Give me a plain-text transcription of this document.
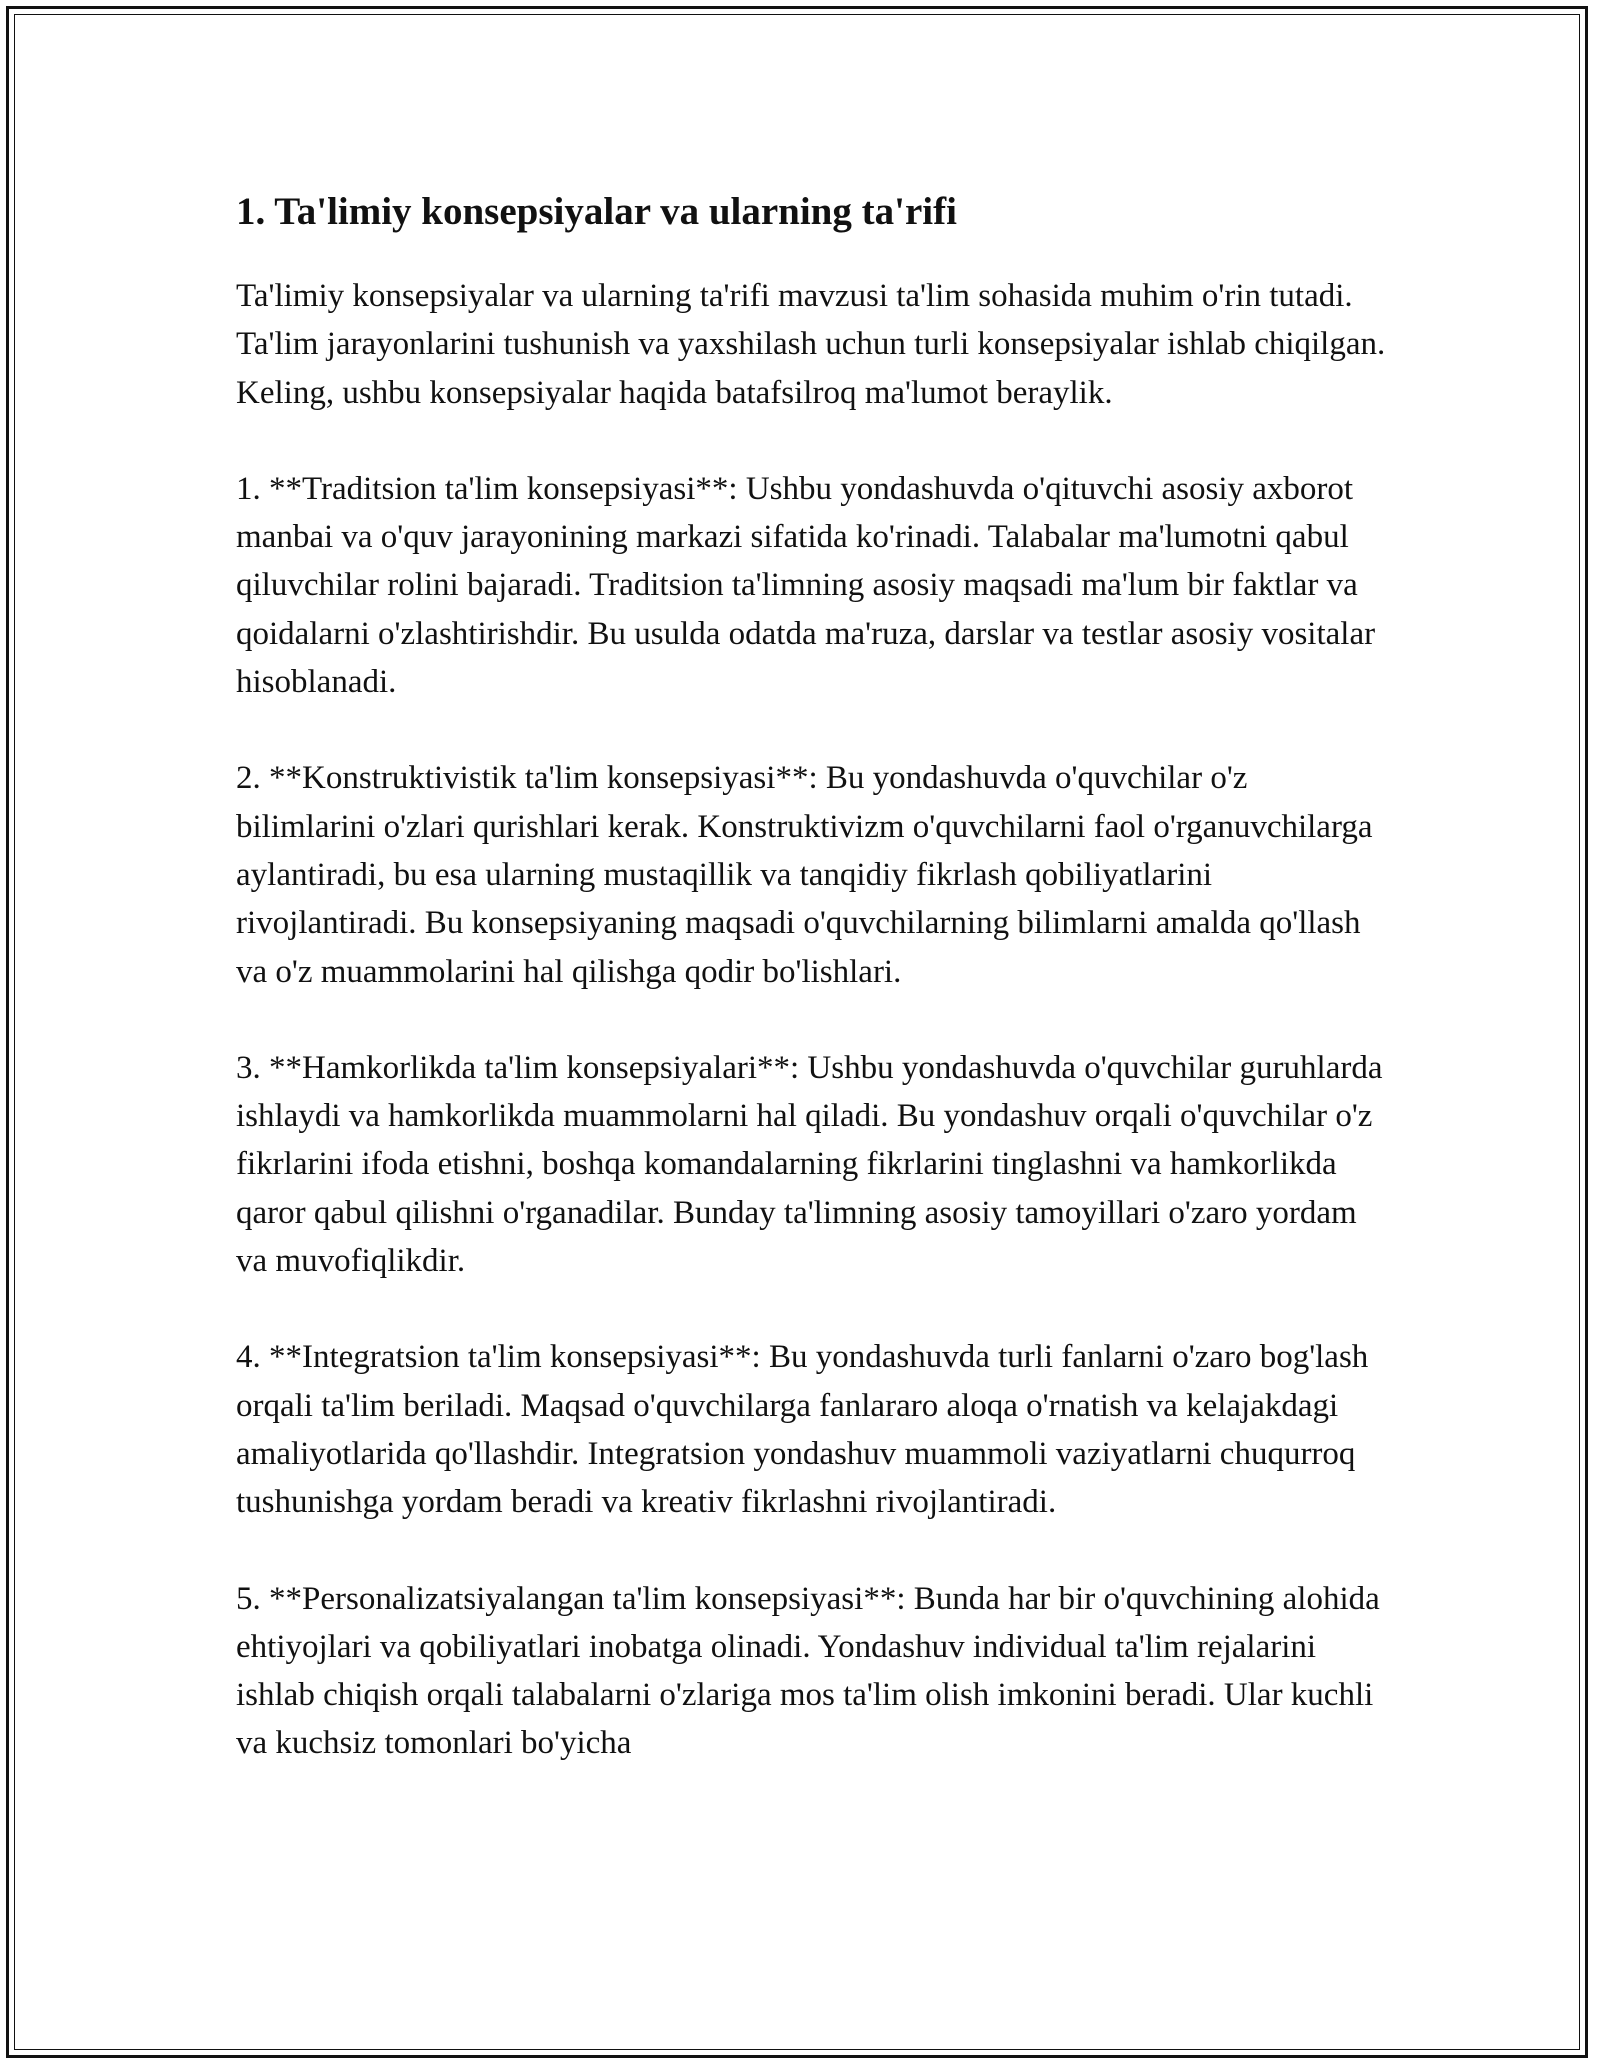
1. Ta'limiy konsepsiyalar va ularning ta'rifi

Ta'limiy konsepsiyalar va ularning ta'rifi mavzusi ta'lim sohasida muhim o'rin tutadi. Ta'lim jarayonlarini tushunish va yaxshilash uchun turli konsepsiyalar ishlab chiqilgan. Keling, ushbu konsepsiyalar haqida batafsilroq ma'lumot beraylik.

1. **Traditsion ta'lim konsepsiyasi**: Ushbu yondashuvda o'qituvchi asosiy axborot manbai va o'quv jarayonining markazi sifatida ko'rinadi. Talabalar ma'lumotni qabul qiluvchilar rolini bajaradi. Traditsion ta'limning asosiy maqsadi ma'lum bir faktlar va qoidalarni o'zlashtirishdir. Bu usulda odatda ma'ruza, darslar va testlar asosiy vositalar hisoblanadi.

2. **Konstruktivistik ta'lim konsepsiyasi**: Bu yondashuvda o'quvchilar o'z bilimlarini o'zlari qurishlari kerak. Konstruktivizm o'quvchilarni faol o'rganuvchilarga aylantiradi, bu esa ularning mustaqillik va tanqidiy fikrlash qobiliyatlarini rivojlantiradi. Bu konsepsiyaning maqsadi o'quvchilarning bilimlarni amalda qo'llash va o'z muammolarini hal qilishga qodir bo'lishlari.

3. **Hamkorlikda ta'lim konsepsiyalari**: Ushbu yondashuvda o'quvchilar guruhlarda ishlaydi va hamkorlikda muammolarni hal qiladi. Bu yondashuv orqali o'quvchilar o'z fikrlarini ifoda etishni, boshqa komandalarning fikrlarini tinglashni va hamkorlikda qaror qabul qilishni o'rganadilar. Bunday ta'limning asosiy tamoyillari o'zaro yordam va muvofiqlikdir.

4. **Integratsion ta'lim konsepsiyasi**: Bu yondashuvda turli fanlarni o'zaro bog'lash orqali ta'lim beriladi. Maqsad o'quvchilarga fanlararo aloqa o'rnatish va kelajakdagi amaliyotlarida qo'llashdir. Integratsion yondashuv muammoli vaziyatlarni chuqurroq tushunishga yordam beradi va kreativ fikrlashni rivojlantiradi.

5. **Personalizatsiyalangan ta'lim konsepsiyasi**: Bunda har bir o'quvchining alohida ehtiyojlari va qobiliyatlari inobatga olinadi. Yondashuv individual ta'lim rejalarini ishlab chiqish orqali talabalarni o'zlariga mos ta'lim olish imkonini beradi. Ular kuchli va kuchsiz tomonlari bo'yicha
